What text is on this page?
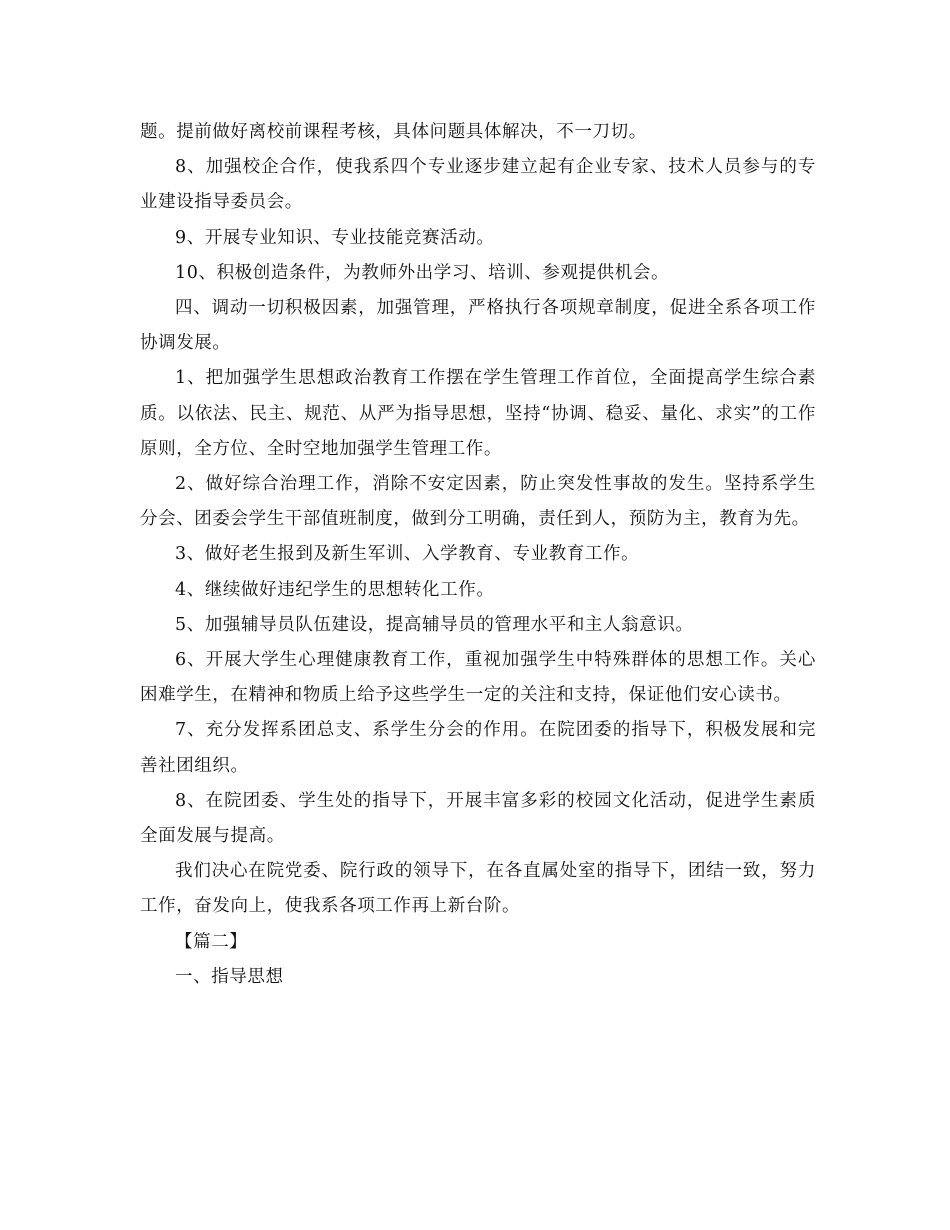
题。提前做好离校前课程考核，具体问题具体解决，不一刀切。

8、加强校企合作，使我系四个专业逐步建立起有企业专家、技术人员参与的专业建设指导委员会。

9、开展专业知识、专业技能竞赛活动。

10、积极创造条件，为教师外出学习、培训、参观提供机会。

四、调动一切积极因素，加强管理，严格执行各项规章制度，促进全系各项工作协调发展。

1、把加强学生思想政治教育工作摆在学生管理工作首位，全面提高学生综合素质。以依法、民主、规范、从严为指导思想，坚持“协调、稳妥、量化、求实”的工作原则，全方位、全时空地加强学生管理工作。

2、做好综合治理工作，消除不安定因素，防止突发性事故的发生。坚持系学生分会、团委会学生干部值班制度，做到分工明确，责任到人，预防为主，教育为先。

3、做好老生报到及新生军训、入学教育、专业教育工作。

4、继续做好违纪学生的思想转化工作。

5、加强辅导员队伍建设，提高辅导员的管理水平和主人翁意识。

6、开展大学生心理健康教育工作，重视加强学生中特殊群体的思想工作。关心困难学生，在精神和物质上给予这些学生一定的关注和支持，保证他们安心读书。

7、充分发挥系团总支、系学生分会的作用。在院团委的指导下，积极发展和完善社团组织。

8、在院团委、学生处的指导下，开展丰富多彩的校园文化活动，促进学生素质全面发展与提高。

我们决心在院党委、院行政的领导下，在各直属处室的指导下，团结一致，努力工作，奋发向上，使我系各项工作再上新台阶。

【篇二】

一、指导思想
